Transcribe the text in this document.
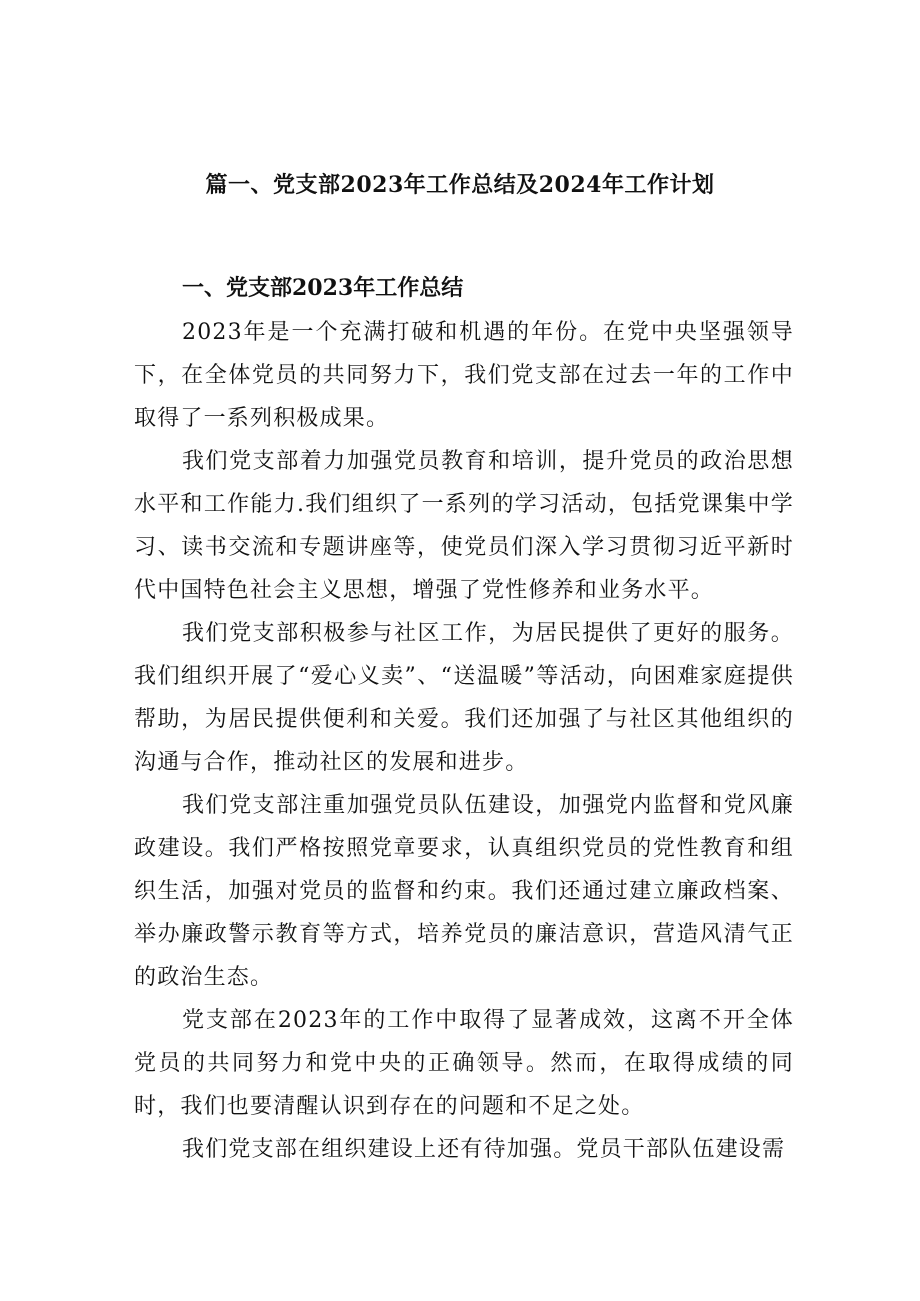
篇一、党支部2023年工作总结及2024年工作计划
一、党支部2023年工作总结

2023年是一个充满打破和机遇的年份。在党中央坚强领导下，在全体党员的共同努力下，我们党支部在过去一年的工作中取得了一系列积极成果。

我们党支部着力加强党员教育和培训，提升党员的政治思想水平和工作能力.我们组织了一系列的学习活动，包括党课集中学习、读书交流和专题讲座等，使党员们深入学习贯彻习近平新时代中国特色社会主义思想，增强了党性修养和业务水平。

我们党支部积极参与社区工作，为居民提供了更好的服务。我们组织开展了“爱心义卖”、“送温暖”等活动，向困难家庭提供帮助，为居民提供便利和关爱。我们还加强了与社区其他组织的沟通与合作，推动社区的发展和进步。

我们党支部注重加强党员队伍建设，加强党内监督和党风廉政建设。我们严格按照党章要求，认真组织党员的党性教育和组织生活，加强对党员的监督和约束。我们还通过建立廉政档案、举办廉政警示教育等方式，培养党员的廉洁意识，营造风清气正的政治生态。

党支部在2023年的工作中取得了显著成效，这离不开全体党员的共同努力和党中央的正确领导。然而，在取得成绩的同时，我们也要清醒认识到存在的问题和不足之处。

我们党支部在组织建设上还有待加强。党员干部队伍建设需
